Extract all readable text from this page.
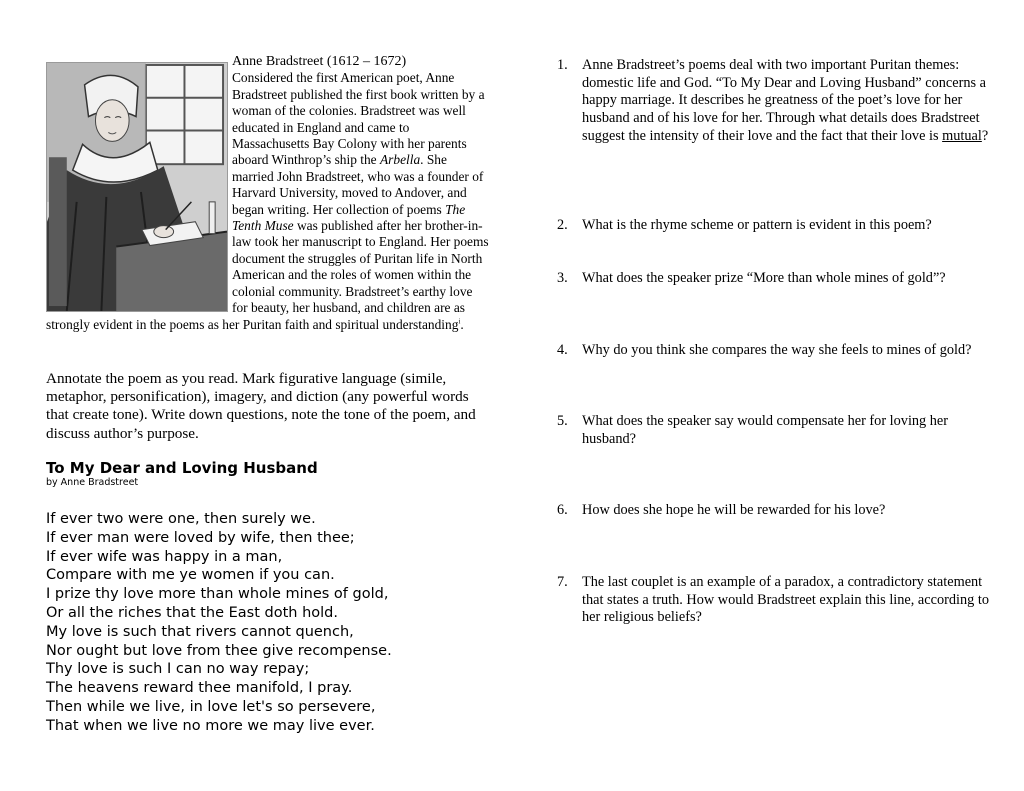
Anne Bradstreet (1612 – 1672)
Considered the first American poet, Anne Bradstreet published the first book written by a woman of the colonies. Bradstreet was well educated in England and came to Massachusetts Bay Colony with her parents aboard Winthrop’s ship the Arbella. She married John Bradstreet, who was a founder of Harvard University, moved to Andover, and began writing. Her collection of poems The Tenth Muse was published after her brother-in-law took her manuscript to England. Her poems document the struggles of Puritan life in North American and the roles of women within the colonial community. Bradstreet’s earthy love for beauty, her husband, and children are as strongly evident in the poems as her Puritan faith and spiritual understanding$^i$.
Annotate the poem as you read. Mark figurative language (simile, metaphor, personification), imagery, and diction (any powerful words that create tone). Write down questions, note the tone of the poem, and discuss author’s purpose.
To My Dear and Loving Husband
by Anne Bradstreet
If ever two were one, then surely we.
If ever man were loved by wife, then thee;
If ever wife was happy in a man,
Compare with me ye women if you can.
I prize thy love more than whole mines of gold,
Or all the riches that the East doth hold.
My love is such that rivers cannot quench,
Nor ought but love from thee give recompense.
Thy love is such I can no way repay;
The heavens reward thee manifold, I pray.
Then while we live, in love let's so persevere,
That when we live no more we may live ever.
1. Anne Bradstreet’s poems deal with two important Puritan themes: domestic life and God. “To My Dear and Loving Husband” concerns a happy marriage. It describes he greatness of the poet’s love for her husband and of his love for her. Through what details does Bradstreet suggest the intensity of their love and the fact that their love is mutual?
2. What is the rhyme scheme or pattern is evident in this poem?
3. What does the speaker prize “More than whole mines of gold”?
4. Why do you think she compares the way she feels to mines of gold?
5. What does the speaker say would compensate her for loving her husband?
6. How does she hope he will be rewarded for his love?
7. The last couplet is an example of a paradox, a contradictory statement that states a truth. How would Bradstreet explain this line, according to her religious beliefs?
